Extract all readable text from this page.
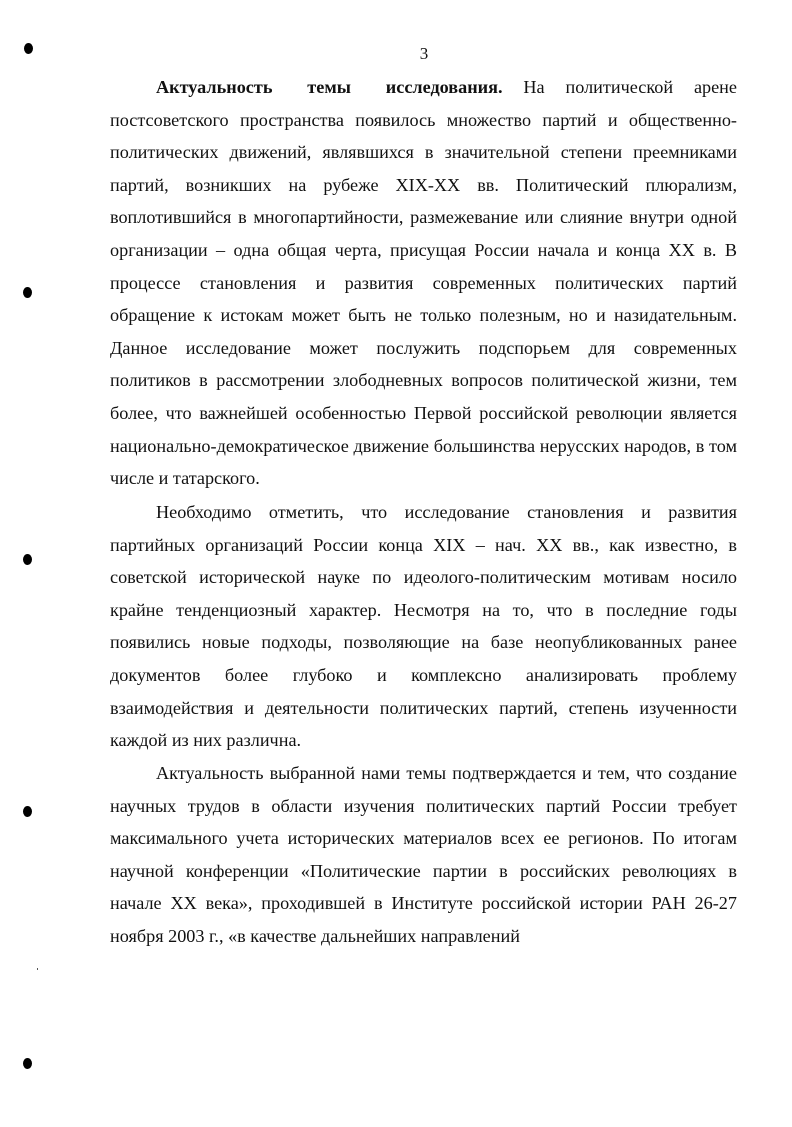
3

Актуальность темы исследования. На политической арене постсоветского пространства появилось множество партий и общественно-политических движений, являвшихся в значительной степени преемниками партий, возникших на рубеже XIX-XX вв. Политический плюрализм, воплотившийся в многопартийности, размежевание или слияние внутри одной организации – одна общая черта, присущая России начала и конца XX в. В процессе становления и развития современных политических партий обращение к истокам может быть не только полезным, но и назидательным. Данное исследование может послужить подспорьем для современных политиков в рассмотрении злободневных вопросов политической жизни, тем более, что важнейшей особенностью Первой российской революции является национально-демократическое движение большинства нерусских народов, в том числе и татарского.

Необходимо отметить, что исследование становления и развития партийных организаций России конца XIX – нач. XX вв., как известно, в советской исторической науке по идеолого-политическим мотивам носило крайне тенденциозный характер. Несмотря на то, что в последние годы появились новые подходы, позволяющие на базе неопубликованных ранее документов более глубоко и комплексно анализировать проблему взаимодействия и деятельности политических партий, степень изученности каждой из них различна.

Актуальность выбранной нами темы подтверждается и тем, что создание научных трудов в области изучения политических партий России требует максимального учета исторических материалов всех ее регионов. По итогам научной конференции «Политические партии в российских революциях в начале XX века», проходившей в Институте российской истории РАН 26-27 ноября 2003 г., «в качестве дальнейших направлений
